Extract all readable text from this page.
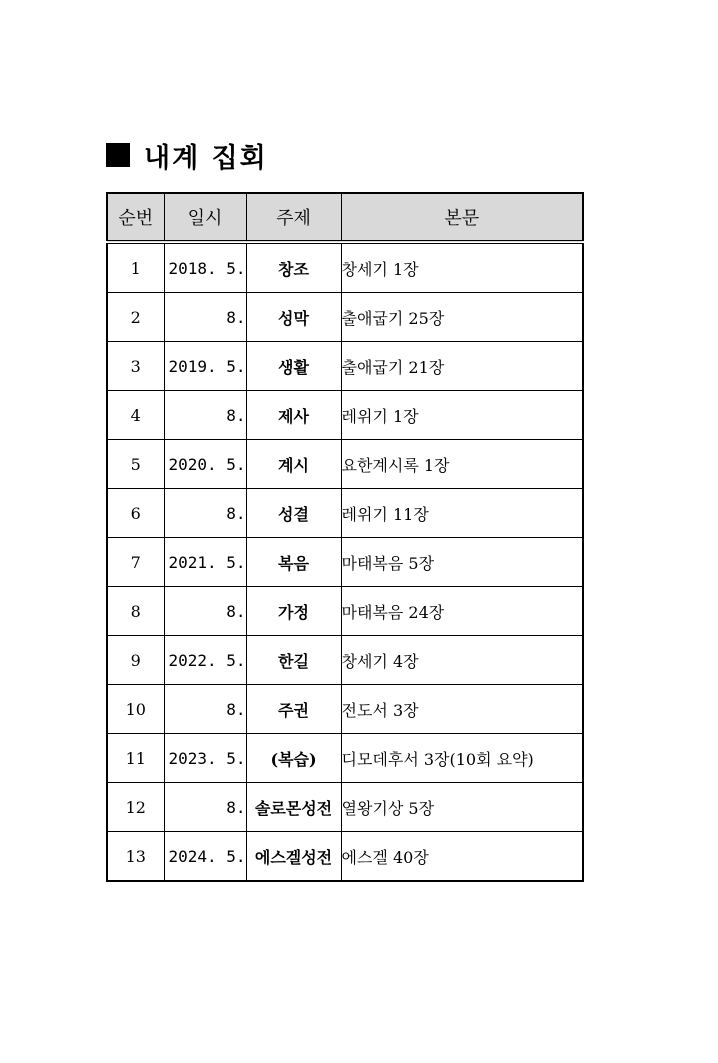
내계 집회
순번	일시	주제	본문
1	2018. 5.	창조	창세기 1장
2	8.	성막	출애굽기 25장
3	2019. 5.	생활	출애굽기 21장
4	8.	제사	레위기 1장
5	2020. 5.	계시	요한계시록 1장
6	8.	성결	레위기 11장
7	2021. 5.	복음	마태복음 5장
8	8.	가정	마태복음 24장
9	2022. 5.	한길	창세기 4장
10	8.	주권	전도서 3장
11	2023. 5.	(복습)	디모데후서 3장(10회 요약)
12	8.	솔로몬성전	열왕기상 5장
13	2024. 5.	에스겔성전	에스겔 40장
